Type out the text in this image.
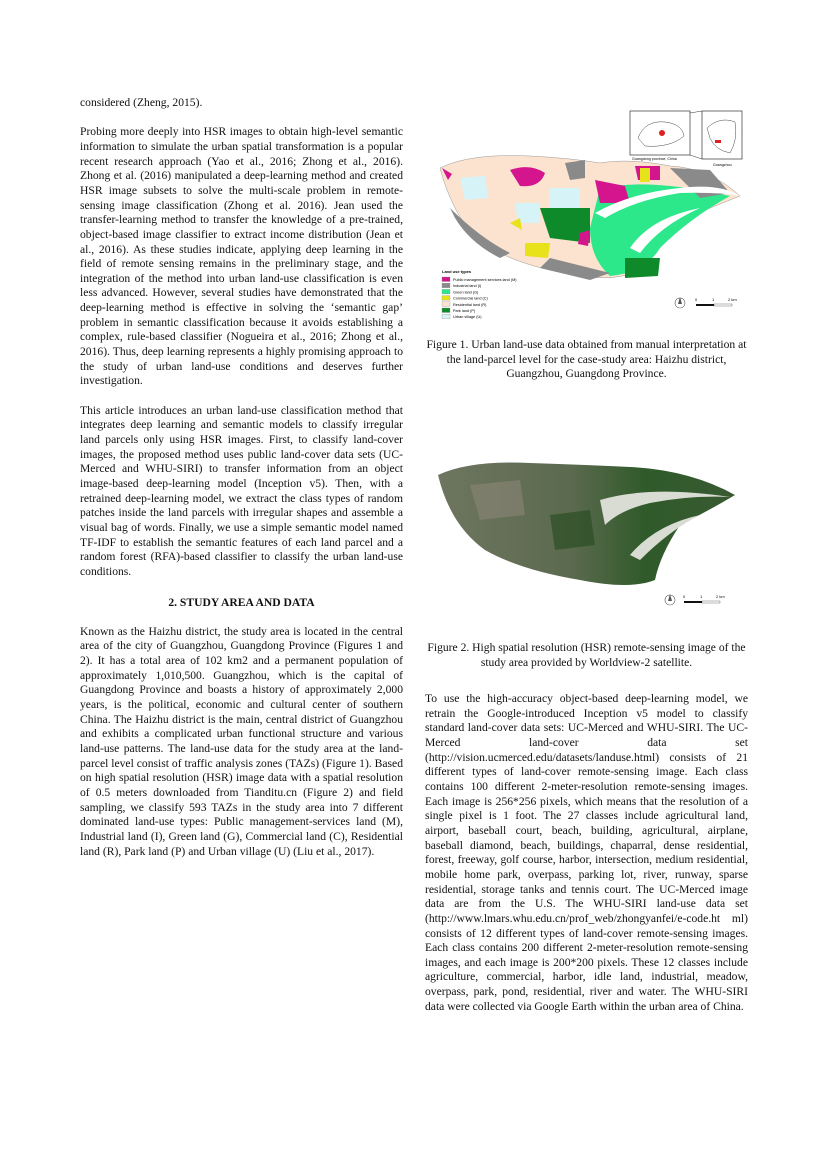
considered (Zheng, 2015).

Probing more deeply into HSR images to obtain high-level semantic information to simulate the urban spatial transformation is a popular recent research approach (Yao et al., 2016; Zhong et al., 2016). Zhong et al. (2016) manipulated a deep-learning method and created HSR image subsets to solve the multi-scale problem in remote-sensing image classification (Zhong et al. 2016). Jean used the transfer-learning method to transfer the knowledge of a pre-trained, object-based image classifier to extract income distribution (Jean et al., 2016). As these studies indicate, applying deep learning in the field of remote sensing remains in the preliminary stage, and the integration of the method into urban land-use classification is even less advanced. However, several studies have demonstrated that the deep-learning method is effective in solving the ‘semantic gap’ problem in semantic classification because it avoids establishing a complex, rule-based classifier (Nogueira et al., 2016; Zhong et al., 2016). Thus, deep learning represents a highly promising approach to the study of urban land-use conditions and deserves further investigation.

This article introduces an urban land-use classification method that integrates deep learning and semantic models to classify irregular land parcels only using HSR images. First, to classify land-cover images, the proposed method uses public land-cover data sets (UC-Merced and WHU-SIRI) to transfer information from an object image-based deep-learning model (Inception v5). Then, with a retrained deep-learning model, we extract the class types of random patches inside the land parcels with irregular shapes and assemble a visual bag of words. Finally, we use a simple semantic model named TF-IDF to establish the semantic features of each land parcel and a random forest (RFA)-based classifier to classify the urban land-use conditions.

2. STUDY AREA AND DATA

Known as the Haizhu district, the study area is located in the central area of the city of Guangzhou, Guangdong Province (Figures 1 and 2). It has a total area of 102 km2 and a permanent population of approximately 1,010,500. Guangzhou, which is the capital of Guangdong Province and boasts a history of approximately 2,000 years, is the political, economic and cultural center of southern China. The Haizhu district is the main, central district of Guangzhou and exhibits a complicated urban functional structure and various land-use patterns. The land-use data for the study area at the land-parcel level consist of traffic analysis zones (TAZs) (Figure 1). Based on high spatial resolution (HSR) image data with a spatial resolution of 0.5 meters downloaded from Tianditu.cn (Figure 2) and field sampling, we classify 593 TAZs in the study area into 7 different dominated land-use types: Public management-services land (M), Industrial land (I), Green land (G), Commercial land (C), Residential land (R), Park land (P) and Urban village (U) (Liu et al., 2017).

Guangdong province, China
Guangzhou
Land use types
Public management services land (M)
Industrial land (I)
Green land (G)
Commercial land (C)
Residential land (R)
Park land (P)
Urban village (U)
0	1	2 km
Figure 1. Urban land-use data obtained from manual interpretation at the land-parcel level for the case-study area: Haizhu district, Guangzhou, Guangdong Province.
0	1	2 km
Figure 2. High spatial resolution (HSR) remote-sensing image of the study area provided by Worldview-2 satellite.

To use the high-accuracy object-based deep-learning model, we retrain the Google-introduced Inception v5 model to classify standard land-cover data sets: UC-Merced and WHU-SIRI. The UC-Merced land-cover data set (http://vision.ucmerced.edu/datasets/landuse.html) consists of 21 different types of land-cover remote-sensing image. Each class contains 100 different 2-meter-resolution remote-sensing images. Each image is 256*256 pixels, which means that the resolution of a single pixel is 1 foot. The 27 classes include agricultural land, airport, baseball court, beach, building, agricultural, airplane, baseball diamond, beach, buildings, chaparral, dense residential, forest, freeway, golf course, harbor, intersection, medium residential, mobile home park, overpass, parking lot, river, runway, sparse residential, storage tanks and tennis court. The UC-Merced image data are from the U.S. The WHU-SIRI land-use data set (http://www.lmars.whu.edu.cn/prof_web/zhongyanfei/e-code.ht ml) consists of 12 different types of land-cover remote-sensing images. Each class contains 200 different 2-meter-resolution remote-sensing images, and each image is 200*200 pixels. These 12 classes include agriculture, commercial, harbor, idle land, industrial, meadow, overpass, park, pond, residential, river and water. The WHU-SIRI data were collected via Google Earth within the urban area of China.
